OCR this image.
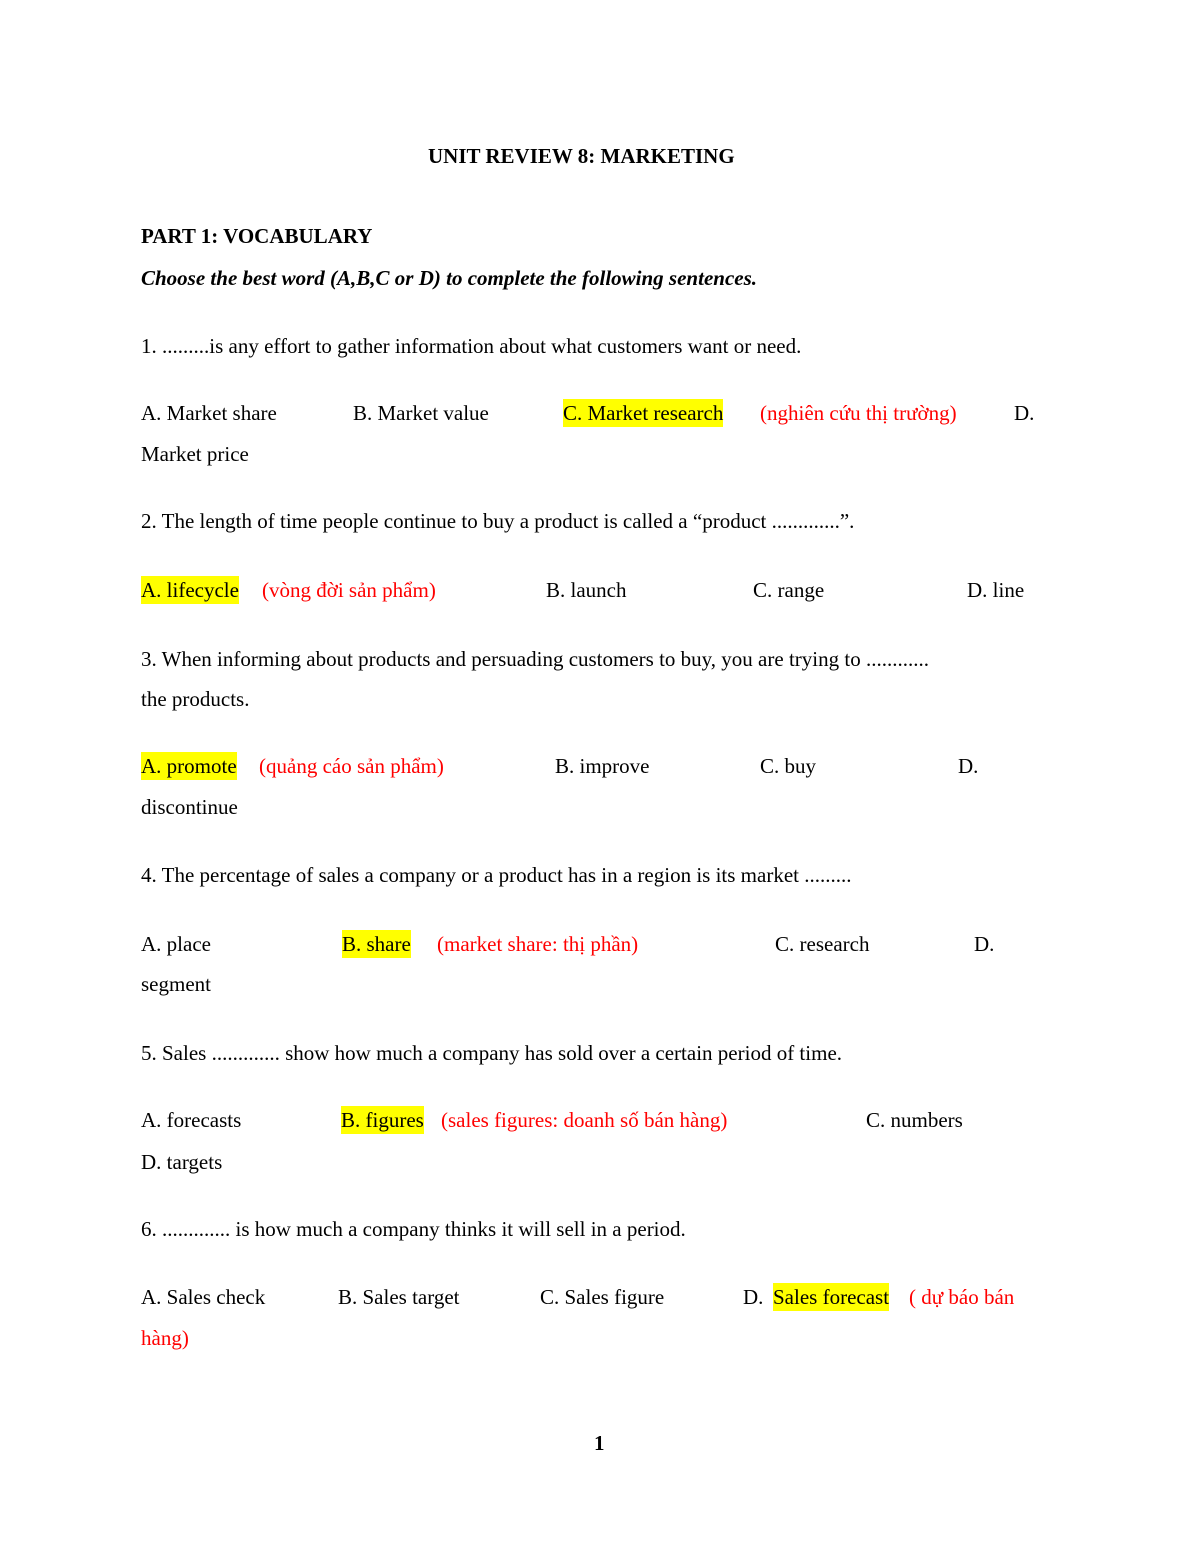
UNIT REVIEW 8: MARKETING
PART 1: VOCABULARY
Choose the best word (A,B,C or D) to complete the following sentences.
1. .........is any effort to gather information about what customers want or need.
A. Market share	B. Market value	C. Market research (nghiên cứu thị trường)	D.
Market price
2. The length of time people continue to buy a product is called a “product .............”.
A. lifecycle (vòng đời sản phẩm)	B. launch	C. range	D. line
3. When informing about products and persuading customers to buy, you are trying to ............
the products.
A. promote (quảng cáo sản phẩm)	B. improve	C. buy	D.
discontinue
4. The percentage of sales a company or a product has in a region is its market .........
A. place	B. share (market share: thị phần)	C. research	D.
segment
5. Sales ............. show how much a company has sold over a certain period of time.
A. forecasts	B. figures (sales figures: doanh số bán hàng)	C. numbers
D. targets
6. ............. is how much a company thinks it will sell in a period.
A. Sales check	B. Sales target	C. Sales figure	D. Sales forecast ( dự báo bán
hàng)
1
